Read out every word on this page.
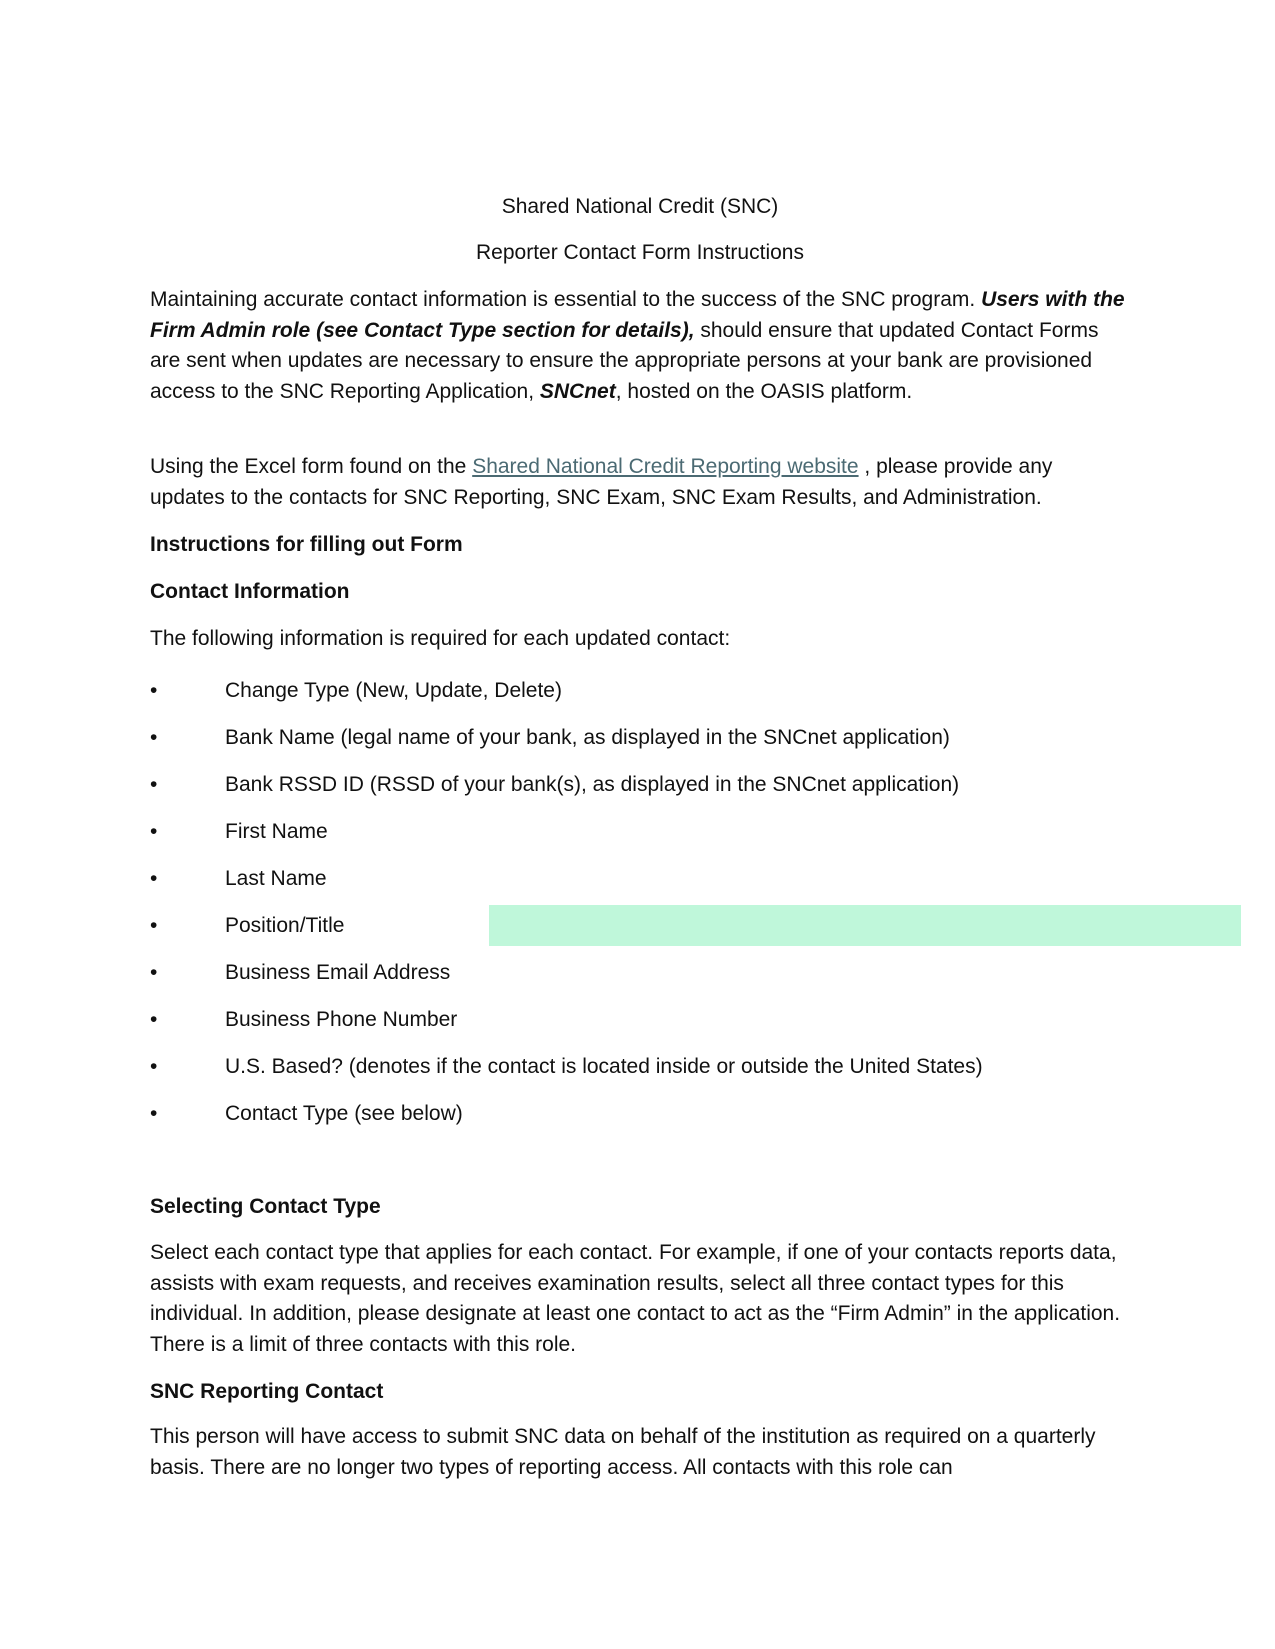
Shared National Credit (SNC)
Reporter Contact Form Instructions
Maintaining accurate contact information is essential to the success of the SNC program. Users with the Firm Admin role (see Contact Type section for details), should ensure that updated Contact Forms are sent when updates are necessary to ensure the appropriate persons at your bank are provisioned access to the SNC Reporting Application, SNCnet, hosted on the OASIS platform.
Using the Excel form found on the Shared National Credit Reporting website , please provide any updates to the contacts for SNC Reporting, SNC Exam, SNC Exam Results, and Administration.
Instructions for filling out Form
Contact Information
The following information is required for each updated contact:
•	Change Type (New, Update, Delete)
•	Bank Name (legal name of your bank, as displayed in the SNCnet application)
•	Bank RSSD ID (RSSD of your bank(s), as displayed in the SNCnet application)
•	First Name
•	Last Name
•	Position/Title
•	Business Email Address
•	Business Phone Number
•	U.S. Based? (denotes if the contact is located inside or outside the United States)
•	Contact Type (see below)
Selecting Contact Type
Select each contact type that applies for each contact. For example, if one of your contacts reports data, assists with exam requests, and receives examination results, select all three contact types for this individual. In addition, please designate at least one contact to act as the “Firm Admin” in the application. There is a limit of three contacts with this role.
SNC Reporting Contact
This person will have access to submit SNC data on behalf of the institution as required on a quarterly basis. There are no longer two types of reporting access. All contacts with this role can
